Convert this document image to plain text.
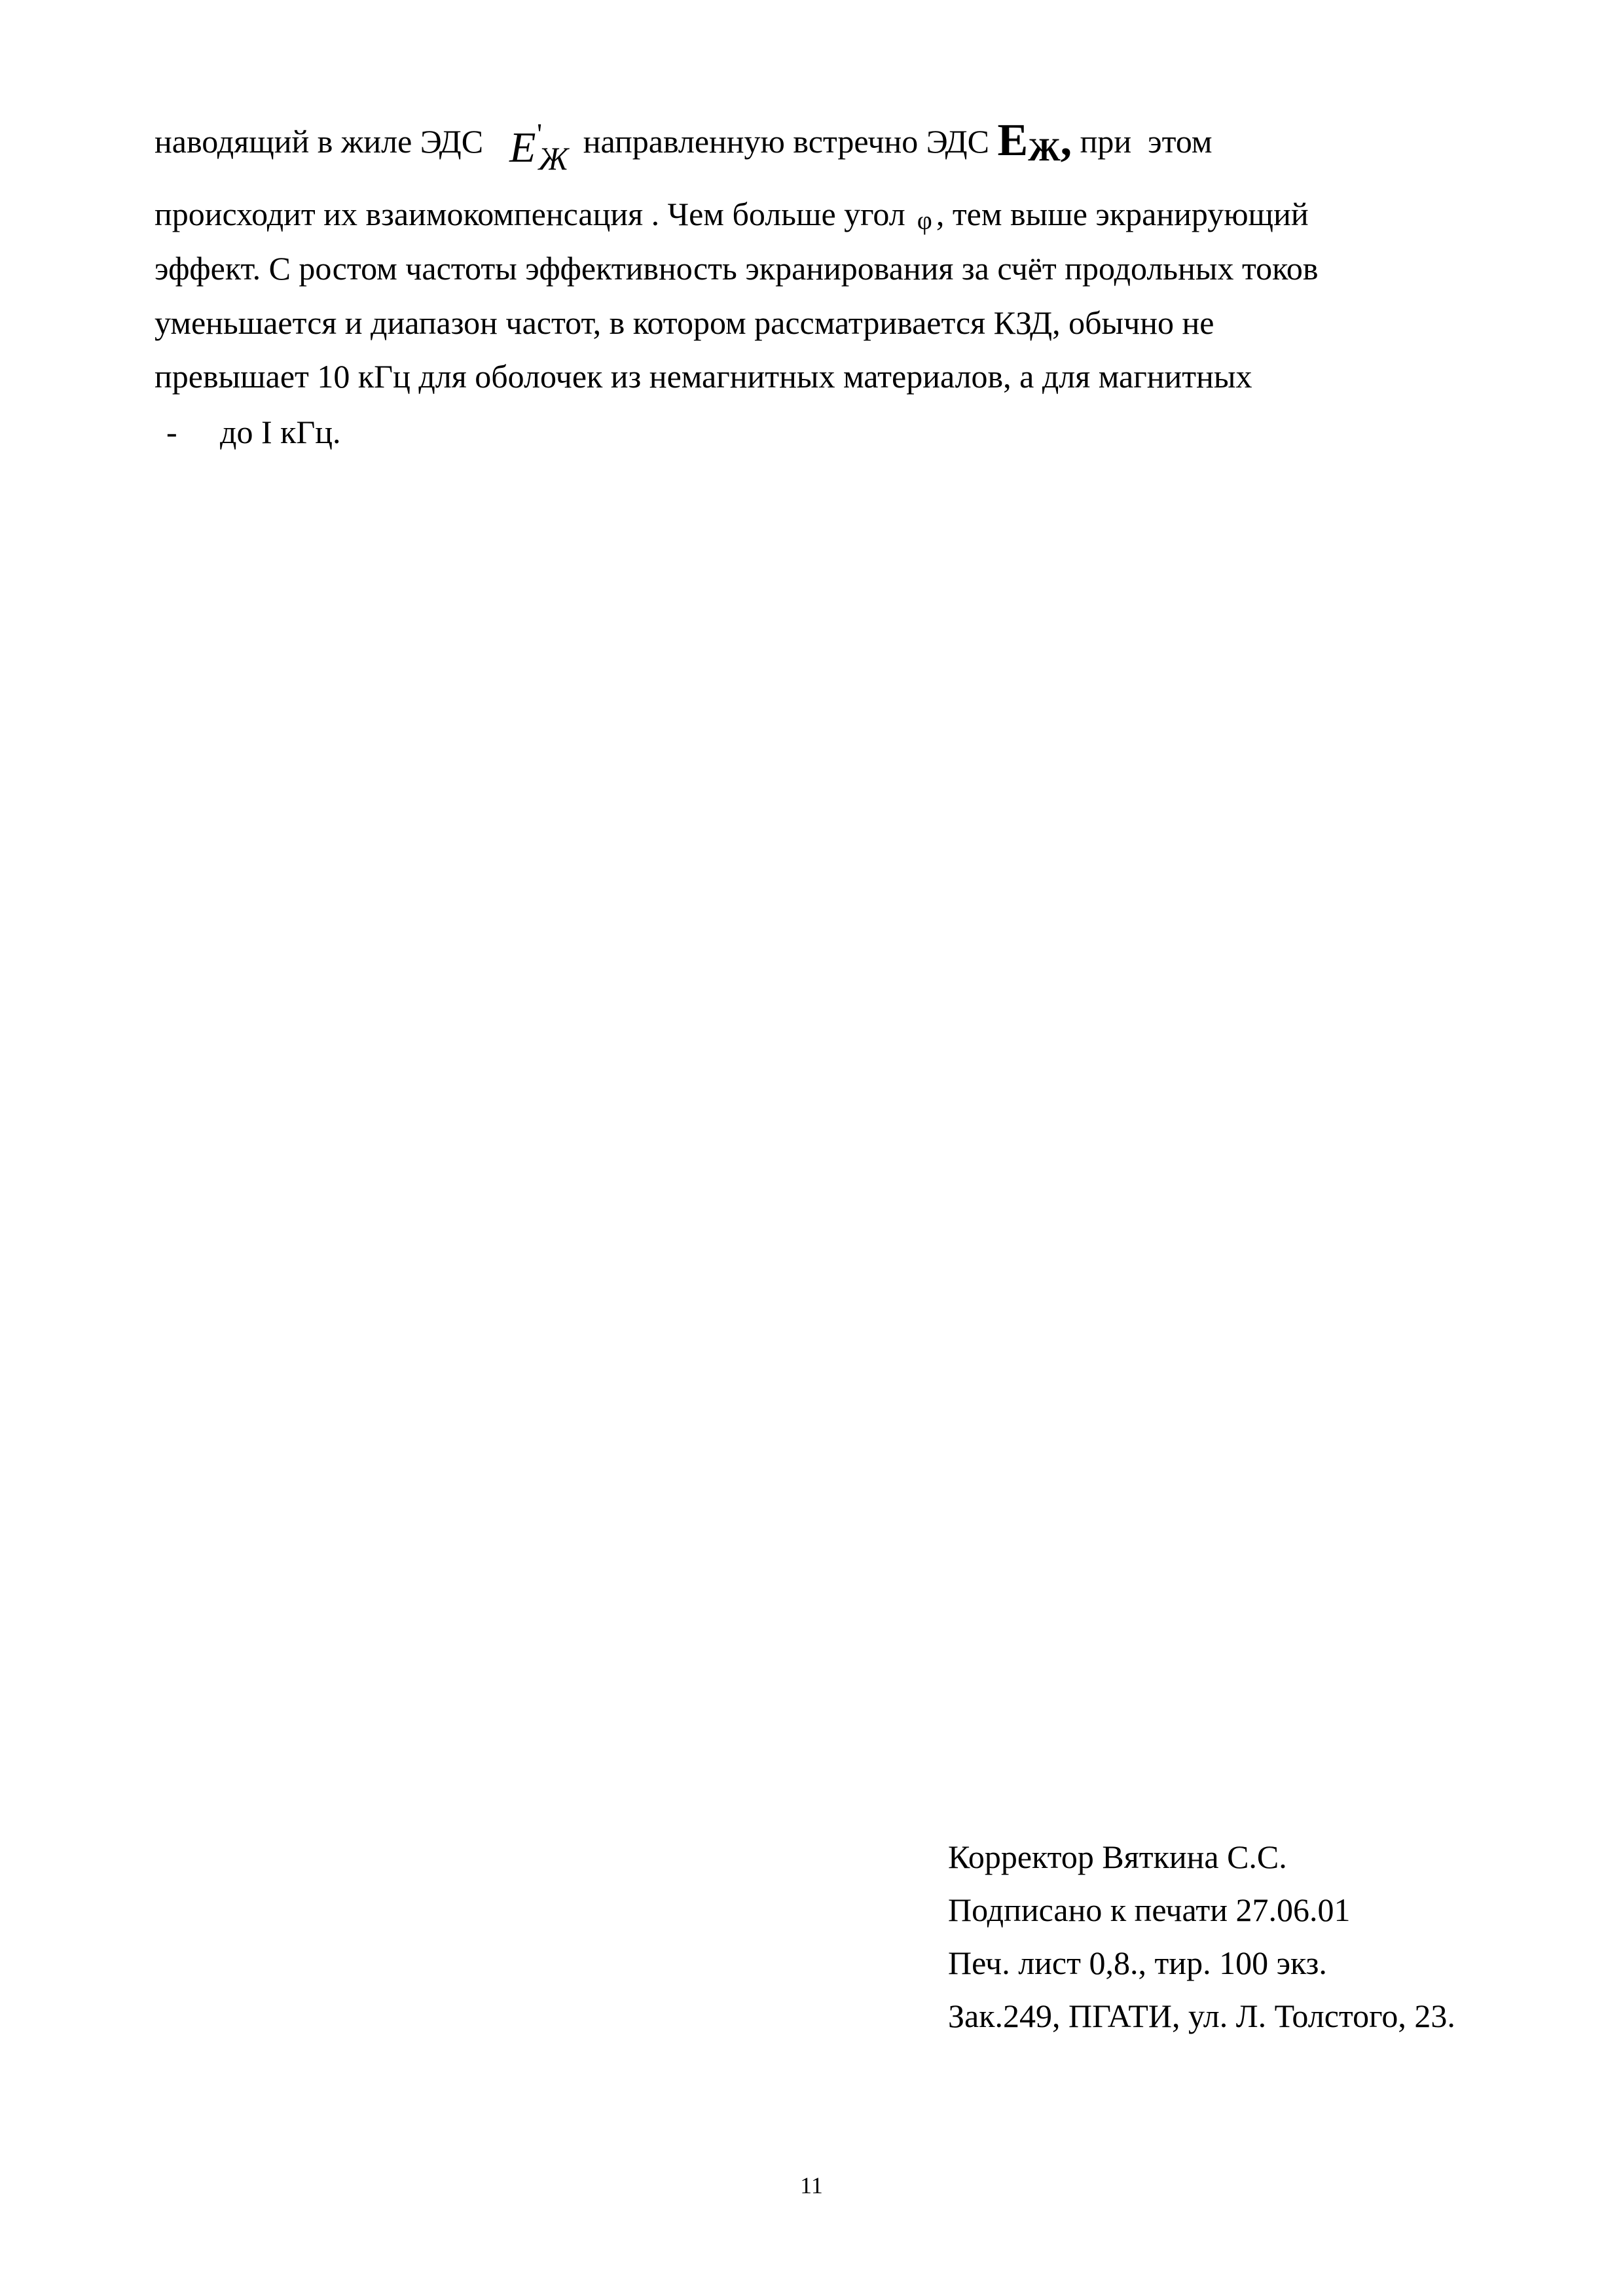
наводящий в жиле ЭДС E '
Ж направленную встречно ЭДС EЖ, при  этом
происходит их взаимокомпенсация . Чем больше угол φ , тем выше экранирующий
эффект. С ростом частоты эффективность экранирования за счёт продольных токов
уменьшается и диапазон частот, в котором рассматривается КЗД, обычно не
превышает 10 кГц для оболочек из немагнитных материалов, а для магнитных
- до I кГц.
Корректор Вяткина С.С.
Подписано к печати 27.06.01
Печ. лист 0,8., тир. 100 экз.
Зак.249, ПГАТИ, ул. Л. Толстого, 23.
11
